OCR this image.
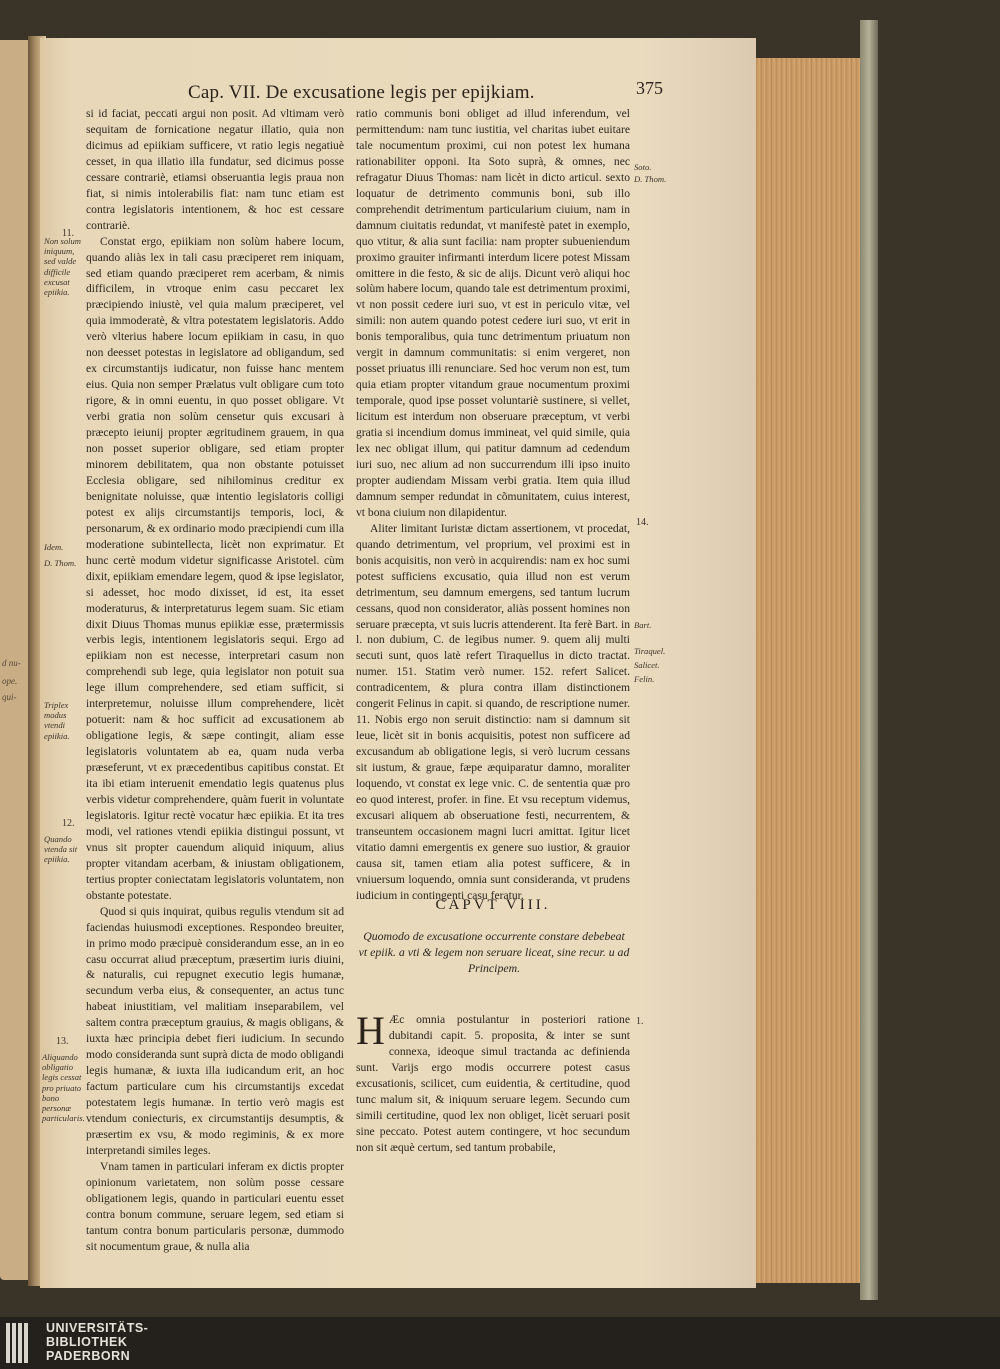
d nu-
ope.
qui-
Cap. VII. De excusatione legis per epijkiam.	375

si id faciat, peccati argui non posit. Ad vltimam verò sequitam de fornicatione negatur illatio, quia non dicimus ad epiikiam sufficere, vt ratio legis negatiuè cesset, in qua illatio illa fundatur, sed dicimus posse cessare contrariè, etiamsi obseruantia legis praua non fiat, si nimis intolerabilis fiat: nam tunc etiam est contra legislatoris intentionem, & hoc est cessare contrariè.

Constat ergo, epiikiam non solùm habere locum, quando aliàs lex in tali casu præciperet rem iniquam, sed etiam quando præciperet rem acerbam, & nimis difficilem, in vtroque enim casu peccaret lex præcipiendo iniustè, vel quia malum præciperet, vel quia immoderatè, & vltra potestatem legislatoris. Addo verò vlterius habere locum epiikiam in casu, in quo non deesset potestas in legislatore ad obligandum, sed ex circumstantijs iudicatur, non fuisse hanc mentem eius. Quia non semper Prælatus vult obligare cum toto rigore, & in omni euentu, in quo posset obligare. Vt verbi gratia non solùm censetur quis excusari à præcepto ieiunij propter ægritudinem grauem, in qua non posset superior obligare, sed etiam propter minorem debilitatem, qua non obstante potuisset Ecclesia obligare, sed nihilominus creditur ex benignitate noluisse, quæ intentio legislatoris colligi potest ex alijs circumstantijs temporis, loci, & personarum, & ex ordinario modo præcipiendi cum illa moderatione subintellecta, licèt non exprimatur. Et hunc certè modum videtur significasse Aristotel. cùm dixit, epiikiam emendare legem, quod & ipse legislator, si adesset, hoc modo dixisset, id est, ita esset moderaturus, & interpretaturus legem suam. Sic etiam dixit Diuus Thomas munus epiikiæ esse, prætermissis verbis legis, intentionem legislatoris sequi. Ergo ad epiikiam non est necesse, interpretari casum non comprehendi sub lege, quia legislator non potuit sua lege illum comprehendere, sed etiam sufficit, si interpretemur, noluisse illum comprehendere, licèt potuerit: nam & hoc sufficit ad excusationem ab obligatione legis, & sæpe contingit, aliam esse legislatoris voluntatem ab ea, quam nuda verba præseferunt, vt ex præcedentibus capitibus constat. Et ita ibi etiam interuenit emendatio legis quatenus plus verbis videtur comprehendere, quàm fuerit in voluntate legislatoris. Igitur rectè vocatur hæc epiikia. Et ita tres modi, vel rationes vtendi epiikia distingui possunt, vt vnus sit propter cauendum aliquid iniquum, alius propter vitandam acerbam, & iniustam obligationem, tertius propter coniectatam legislatoris voluntatem, non obstante potestate.

Quod si quis inquirat, quibus regulis vtendum sit ad faciendas huiusmodi exceptiones. Respondeo breuiter, in primo modo præcipuè considerandum esse, an in eo casu occurrat aliud præceptum, præsertim iuris diuini, & naturalis, cui repugnet executio legis humanæ, secundum verba eius, & consequenter, an actus tunc habeat iniustitiam, vel malitiam inseparabilem, vel saltem contra præceptum grauius, & magis obligans, & iuxta hæc principia debet fieri iudicium. In secundo modo consideranda sunt suprà dicta de modo obligandi legis humanæ, & iuxta illa iudicandum erit, an hoc factum particulare cum his circumstantijs excedat potestatem legis humanæ. In tertio verò magis est vtendum coniecturis, ex circumstantijs desumptis, & præsertim ex vsu, & modo regiminis, & ex more interpretandi similes leges.

Vnam tamen in particulari inferam ex dictis propter opinionum varietatem, non solùm posse cessare obligationem legis, quando in particulari euentu esset contra bonum commune, seruare legem, sed etiam si tantum contra bonum particularis personæ, dummodo sit nocumentum graue, & nulla alia

ratio communis boni obliget ad illud inferendum, vel permittendum: nam tunc iustitia, vel charitas iubet euitare tale nocumentum proximi, cui non potest lex humana rationabiliter opponi. Ita Soto suprà, & omnes, nec refragatur Diuus Thomas: nam licèt in dicto articul. sexto loquatur de detrimento communis boni, sub illo comprehendit detrimentum particularium ciuium, nam in damnum ciuitatis redundat, vt manifestè patet in exemplo, quo vtitur, & alia sunt facilia: nam propter subueniendum proximo grauiter infirmanti interdum licere potest Missam omittere in die festo, & sic de alijs. Dicunt verò aliqui hoc solùm habere locum, quando tale est detrimentum proximi, vt non possit cedere iuri suo, vt est in periculo vitæ, vel simili: non autem quando potest cedere iuri suo, vt erit in bonis temporalibus, quia tunc detrimentum priuatum non vergit in damnum communitatis: si enim vergeret, non posset priuatus illi renunciare. Sed hoc verum non est, tum quia etiam propter vitandum graue nocumentum proximi temporale, quod ipse posset voluntariè sustinere, si vellet, licitum est interdum non obseruare præceptum, vt verbi gratia si incendium domus immineat, vel quid simile, quia lex nec obligat illum, qui patitur damnum ad cedendum iuri suo, nec alium ad non succurrendum illi ipso inuito propter audiendam Missam verbi gratia. Item quia illud damnum semper redundat in cõmunitatem, cuius interest, vt bona ciuium non dilapidentur.

Aliter limitant Iuristæ dictam assertionem, vt procedat, quando detrimentum, vel proprium, vel proximi est in bonis acquisitis, non verò in acquirendis: nam ex hoc sumi potest sufficiens excusatio, quia illud non est verum detrimentum, seu damnum emergens, sed tantum lucrum cessans, quod non considerator, aliàs possent homines non seruare præcepta, vt suis lucris attenderent. Ita ferè Bart. in l. non dubium, C. de legibus numer. 9. quem alij multi secuti sunt, quos latè refert Tiraquellus in dicto tractat. numer. 151. Statim verò numer. 152. refert Salicet. contradicentem, & plura contra illam distinctionem congerit Felinus in capit. si quando, de rescriptione numer. 11. Nobis ergo non seruit distinctio: nam si damnum sit leue, licèt sit in bonis acquisitis, potest non sufficere ad excusandum ab obligatione legis, si verò lucrum cessans sit iustum, & graue, fæpe æquiparatur damno, moraliter loquendo, vt constat ex lege vnic. C. de sententia quæ pro eo quod interest, profer. in fine. Et vsu receptum videmus, excusari aliquem ab obseruatione festi, necurrentem, & transeuntem occasionem magni lucri amittat. Igitur licet vitatio damni emergentis ex genere suo iustior, & grauior causa sit, tamen etiam alia potest sufficere, & in vniuersum loquendo, omnia sunt consideranda, vt prudens iudicium in contingenti casu feratur.

CAPVT VIII.
Quomodo de excusatione occurrente constare debebeat vt epiik. a vti & legem non seruare liceat, sine recur. u ad Principem.
H Æc omnia postulantur in posteriori ratione dubitandi capit. 5. proposita, & inter se sunt connexa, ideoque simul tractanda ac definienda sunt. Varijs ergo modis occurrere potest casus excusationis, scilicet, cum euidentia, & certitudine, quod tunc malum sit, & iniquum seruare legem. Secundo cum simili certitudine, quod lex non obliget, licèt seruari posit sine peccato. Potest autem contingere, vt hoc secundum non sit æquè certum, sed tantum probabile,
11.
Non solum iniquum, sed valde difficile excusat epiikia.
Idem.
D. Thom.
Triplex modus vtendi epiikia.
12.
Quando vtenda sit epiikia.
13.
Aliquando obligatio legis cessat pro priuato bono personæ particularis.
Soto.
D. Thom.
14.
Bart.
Tiraquel.
Salicet.
Felin.
1.
UNIVERSITÄTS-
BIBLIOTHEK
PADERBORN
